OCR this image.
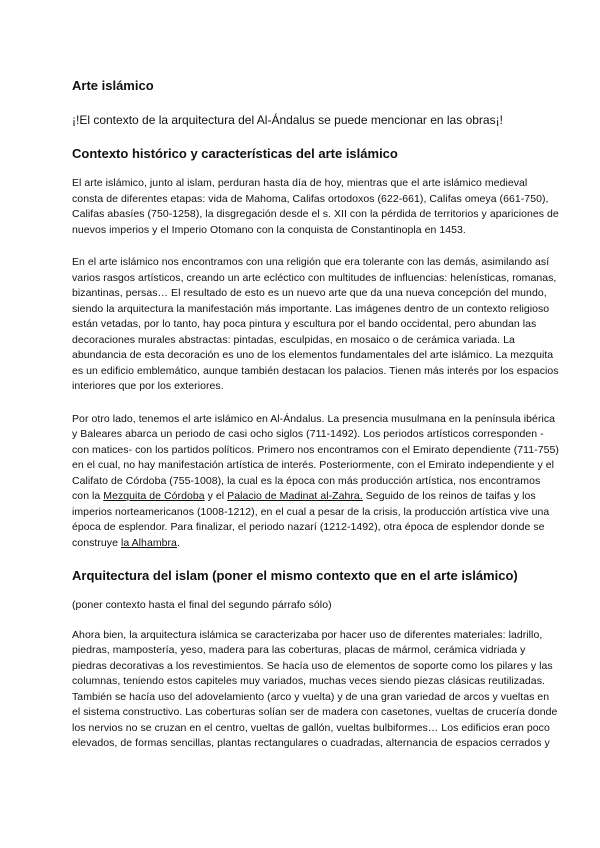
Arte islámico
¡!El contexto de la arquitectura del Al-Ándalus se puede mencionar en las obras¡!
Contexto histórico y características del arte islámico

El arte islámico, junto al islam, perduran hasta día de hoy, mientras que el arte islámico medieval consta de diferentes etapas: vida de Mahoma, Califas ortodoxos (622-661), Califas omeya (661-750), Califas abasíes (750-1258), la disgregación desde el s. XII con la pérdida de territorios y apariciones de nuevos imperios y el Imperio Otomano con la conquista de Constantinopla en 1453.

En el arte islámico nos encontramos con una religión que era tolerante con las demás, asimilando así varios rasgos artísticos, creando un arte ecléctico con multitudes de influencias: helenísticas, romanas, bizantinas, persas… El resultado de esto es un nuevo arte que da una nueva concepción del mundo, siendo la arquitectura la manifestación más importante. Las imágenes dentro de un contexto religioso están vetadas, por lo tanto, hay poca pintura y escultura por el bando occidental, pero abundan las decoraciones murales abstractas: pintadas, esculpidas, en mosaico o de cerámica variada. La abundancia de esta decoración es uno de los elementos fundamentales del arte islámico. La mezquita es un edificio emblemático, aunque también destacan los palacios. Tienen más interés por los espacios interiores que por los exteriores.

Por otro lado, tenemos el arte islámico en Al-Ándalus. La presencia musulmana en la península ibérica y Baleares abarca un periodo de casi ocho siglos (711-1492). Los periodos artísticos corresponden -con matices- con los partidos políticos. Primero nos encontramos con el Emirato dependiente (711-755) en el cual, no hay manifestación artística de interés. Posteriormente, con el Emirato independiente y el Califato de Córdoba (755-1008), la cual es la época con más producción artística, nos encontramos con la Mezquita de Córdoba y el Palacio de Madinat al-Zahra. Seguido de los reinos de taifas y los imperios norteamericanos (1008-1212), en el cual a pesar de la crisis, la producción artística vive una época de esplendor. Para finalizar, el periodo nazarí (1212-1492), otra época de esplendor donde se construye la Alhambra.

Arquitectura del islam (poner el mismo contexto que en el arte islámico)

(poner contexto hasta el final del segundo párrafo sólo)

Ahora bien, la arquitectura islámica se caracterizaba por hacer uso de diferentes materiales: ladrillo, piedras, mampostería, yeso, madera para las coberturas, placas de mármol, cerámica vidriada y piedras decorativas a los revestimientos. Se hacía uso de elementos de soporte como los pilares y las columnas, teniendo estos capiteles muy variados, muchas veces siendo piezas clásicas reutilizadas. También se hacía uso del adovelamiento (arco y vuelta) y de una gran variedad de arcos y vueltas en el sistema constructivo. Las coberturas solían ser de madera con casetones, vueltas de crucería donde los nervios no se cruzan en el centro, vueltas de gallón, vueltas bulbiformes… Los edificios eran poco elevados, de formas sencillas, plantas rectangulares o cuadradas, alternancia de espacios cerrados y
